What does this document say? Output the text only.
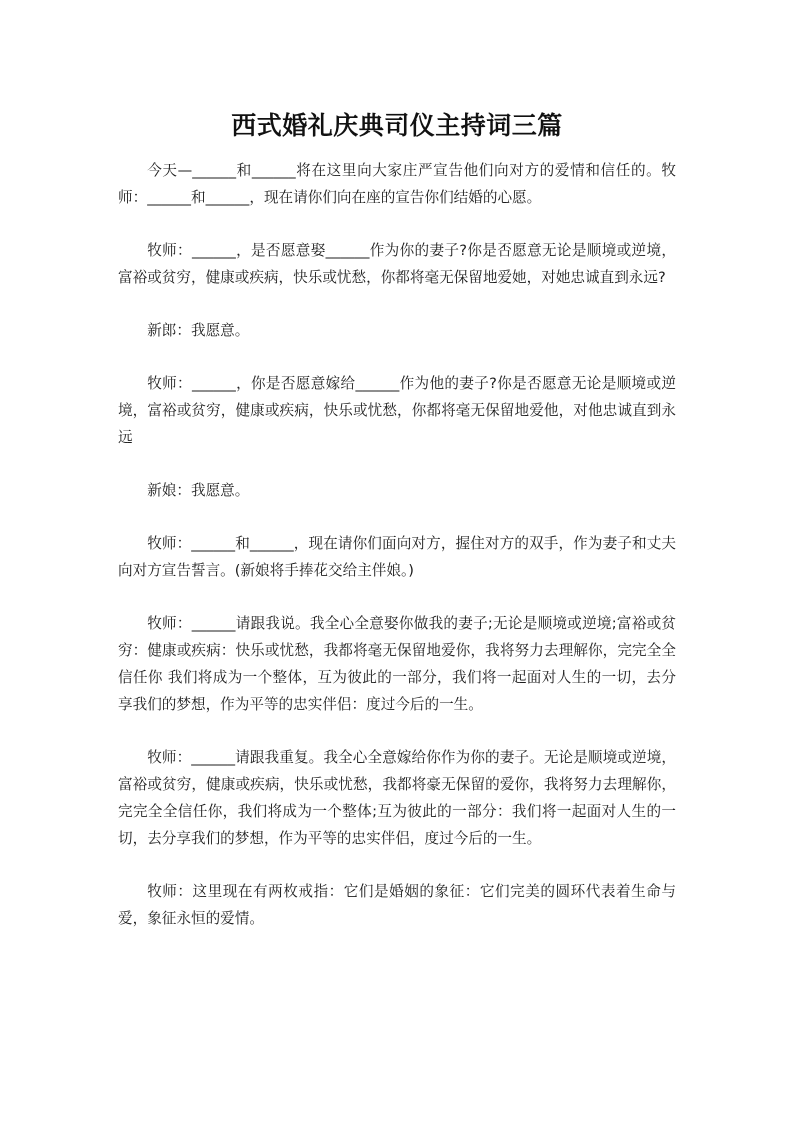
西式婚礼庆典司仪主持词三篇

今天—______和______将在这里向大家庄严宣告他们向对方的爱情和信任的。牧师：______和______，现在请你们向在座的宣告你们结婚的心愿。

牧师：______，是否愿意娶______作为你的妻子?你是否愿意无论是顺境或逆境，富裕或贫穷，健康或疾病，快乐或忧愁，你都将毫无保留地爱她，对她忠诚直到永远?

新郎：我愿意。

牧师：______，你是否愿意嫁给______作为他的妻子?你是否愿意无论是顺境或逆境，富裕或贫穷，健康或疾病，快乐或忧愁，你都将毫无保留地爱他，对他忠诚直到永远

新娘：我愿意。

牧师：______和______，现在请你们面向对方，握住对方的双手，作为妻子和丈夫向对方宣告誓言。(新娘将手捧花交给主伴娘。)

牧师：______请跟我说。我全心全意娶你做我的妻子;无论是顺境或逆境;富裕或贫穷：健康或疾病：快乐或忧愁，我都将毫无保留地爱你，我将努力去理解你，完完全全信任你 我们将成为一个整体，互为彼此的一部分，我们将一起面对人生的一切，去分享我们的梦想，作为平等的忠实伴侣：度过今后的一生。

牧师：______请跟我重复。我全心全意嫁给你作为你的妻子。无论是顺境或逆境，富裕或贫穷，健康或疾病，快乐或忧愁，我都将豪无保留的爱你，我将努力去理解你，完完全全信任你，我们将成为一个整体;互为彼此的一部分：我们将一起面对人生的一切，去分享我们的梦想，作为平等的忠实伴侣，度过今后的一生。

牧师：这里现在有两枚戒指：它们是婚姻的象征：它们完美的圆环代表着生命与爱，象征永恒的爱情。
